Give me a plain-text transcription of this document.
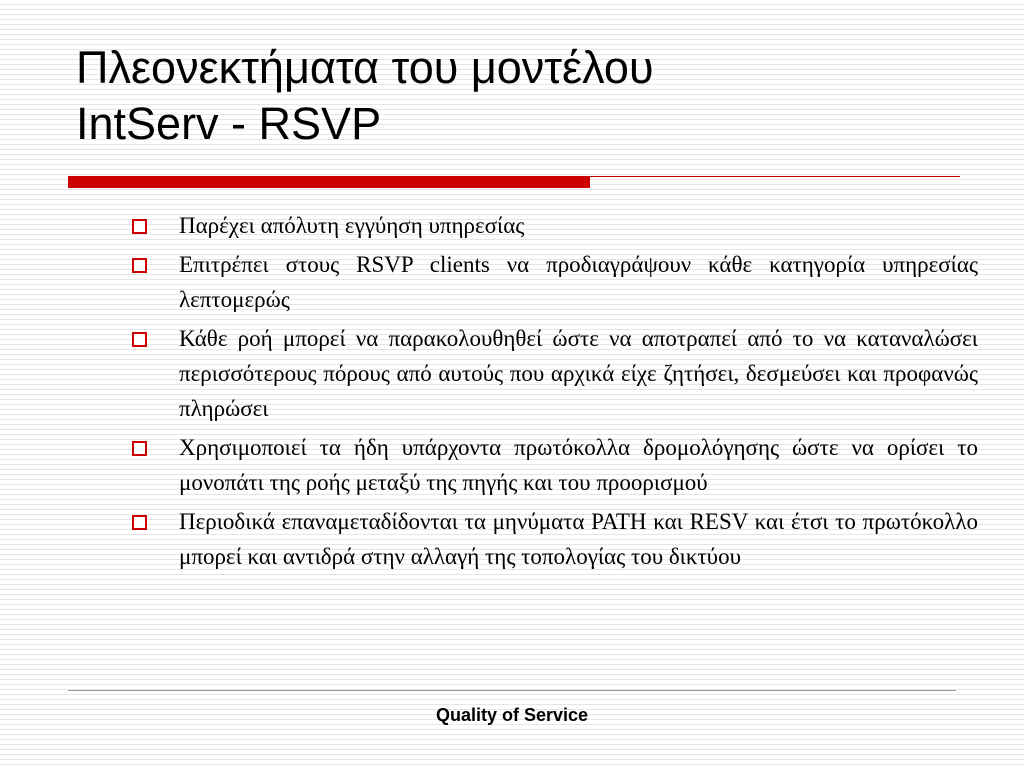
Πλεονεκτήματα του μοντέλου
IntServ - RSVP
Παρέχει απόλυτη εγγύηση υπηρεσίας
Επιτρέπει στους RSVP clients να προδιαγράψουν κάθε κατηγορία υπηρεσίας λεπτομερώς
Κάθε ροή μπορεί να παρακολουθηθεί ώστε να αποτραπεί από το να καταναλώσει περισσότερους πόρους από αυτούς που αρχικά είχε ζητήσει, δεσμεύσει και προφανώς πληρώσει
Χρησιμοποιεί τα ήδη υπάρχοντα πρωτόκολλα δρομολόγησης ώστε να ορίσει το μονοπάτι της ροής μεταξύ της πηγής και του προορισμού
Περιοδικά επαναμεταδίδονται τα μηνύματα PATH και RESV και έτσι το πρωτόκολλο μπορεί και αντιδρά στην αλλαγή της τοπολογίας του δικτύου
Quality of Service
